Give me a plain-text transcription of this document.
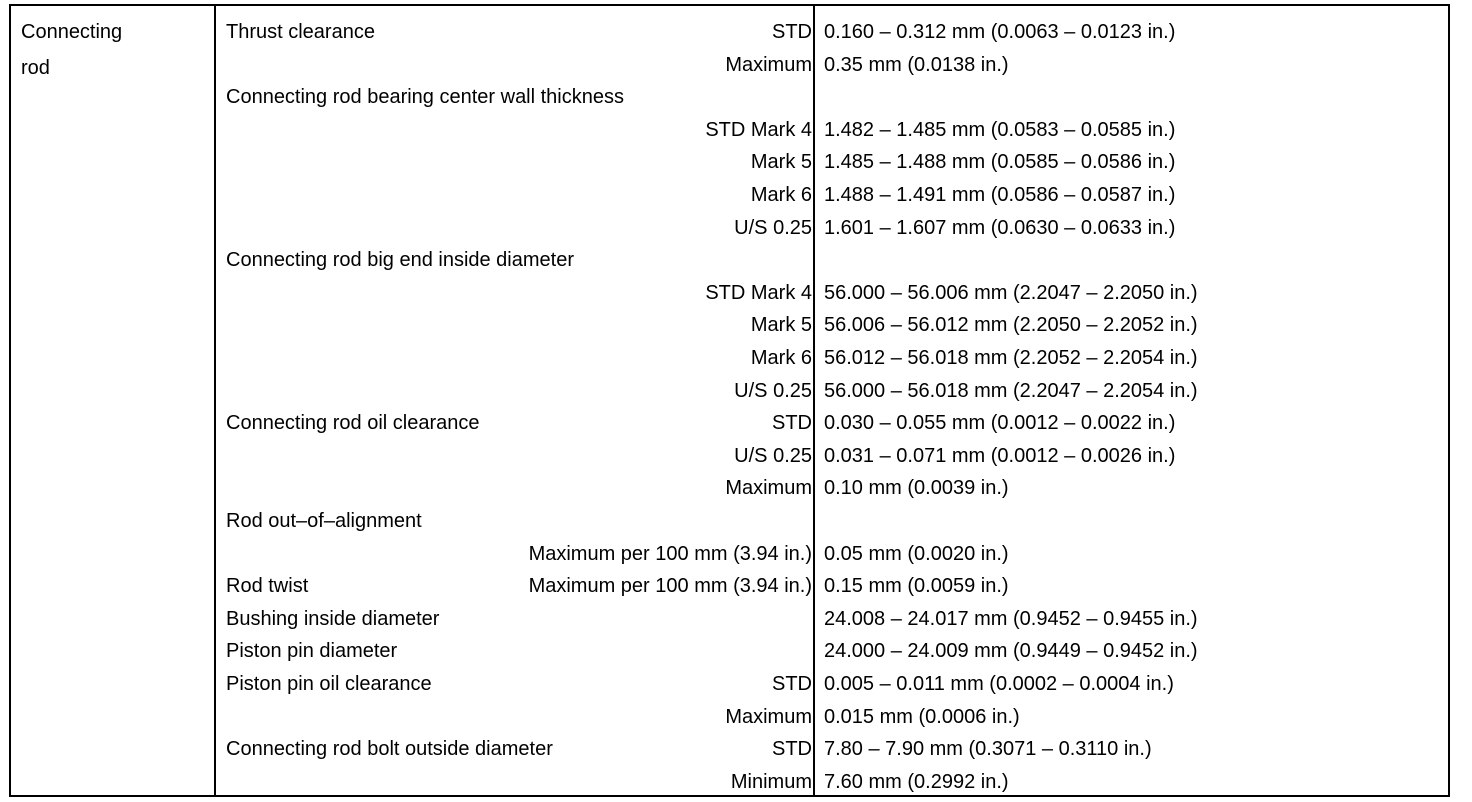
Connecting
rod
Thrust clearance	STD 0.160 – 0.312 mm (0.0063 – 0.0123 in.)
Maximum 0.35 mm (0.0138 in.)
Connecting rod bearing center wall thickness
STD Mark 4 1.482 – 1.485 mm (0.0583 – 0.0585 in.)
Mark 5 1.485 – 1.488 mm (0.0585 – 0.0586 in.)
Mark 6 1.488 – 1.491 mm (0.0586 – 0.0587 in.)
U/S 0.25 1.601 – 1.607 mm (0.0630 – 0.0633 in.)
Connecting rod big end inside diameter
STD Mark 4 56.000 – 56.006 mm (2.2047 – 2.2050 in.)
Mark 5 56.006 – 56.012 mm (2.2050 – 2.2052 in.)
Mark 6 56.012 – 56.018 mm (2.2052 – 2.2054 in.)
U/S 0.25 56.000 – 56.018 mm (2.2047 – 2.2054 in.)
Connecting rod oil clearance	STD 0.030 – 0.055 mm (0.0012 – 0.0022 in.)
U/S 0.25 0.031 – 0.071 mm (0.0012 – 0.0026 in.)
Maximum 0.10 mm (0.0039 in.)
Rod out–of–alignment
Maximum per 100 mm (3.94 in.) 0.05 mm (0.0020 in.)
Rod twist	Maximum per 100 mm (3.94 in.) 0.15 mm (0.0059 in.)
Bushing inside diameter	24.008 – 24.017 mm (0.9452 – 0.9455 in.)
Piston pin diameter	24.000 – 24.009 mm (0.9449 – 0.9452 in.)
Piston pin oil clearance	STD 0.005 – 0.011 mm (0.0002 – 0.0004 in.)
Maximum 0.015 mm (0.0006 in.)
Connecting rod bolt outside diameter	STD 7.80 – 7.90 mm (0.3071 – 0.3110 in.)
Minimum 7.60 mm (0.2992 in.)
